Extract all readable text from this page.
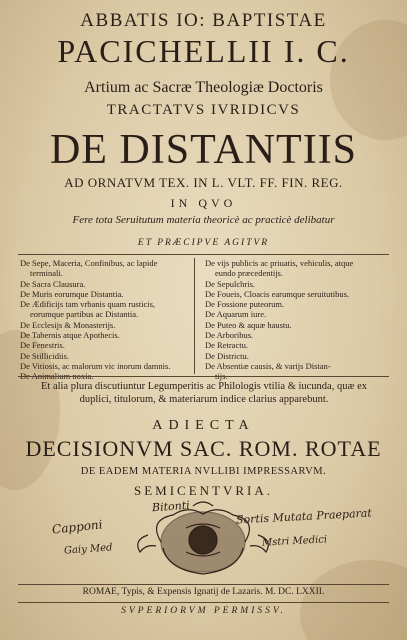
ABBATIS IO: BAPTISTAE
PACICHELLII I. C.
Artium ac Sacræ Theologiæ Doctoris
TRACTATVS IVRIDICVS
DE DISTANTIIS
AD ORNATVM TEX. IN L. VLT. FF. FIN. REG.
IN QVO
Fere tota Seruitutum materia theoricè ac practicè delibatur
ET PRÆCIPVE AGITVR

De Sepe, Maceria, Confinibus, ac lapide

terminali.

De Sacra Clausura.

De Muris eorumque Distantia.

De Ædificijs tam vrbanis quam rusticis,

eorumque partibus ac Distantia.

De Ecclesijs & Monasterijs.

De Tabernis atque Apothecis.

De Fenestris.

De Stillicidiis.

De Vitiosis, ac malorum vic inorum damnis.

De Animalium noxia.

De vijs publicis ac priuatis, vehiculis, atque

eundo præcedentijs.

De Sepulchris.

De Foueis, Cloacis earumque seruitutibus.

De Fossione puteorum.

De Aquarum iure.

De Puteo & aquæ haustu.

De Arboribus.

De Retractu.

De Districtu.

De Absentiæ causis, & varijs Distan-

tijs.

Et alia plura discutiuntur Legumperitis ac Philologis vtilia & iucunda, quæ ex duplici, titulorum, & materiarum indice clarius apparebunt.
ADIECTA
DECISIONVM SAC. ROM. ROTAE
DE EADEM MATERIA NVLLIBI IMPRESSARVM.
SEMICENTVRIA.
Bitonti
Capponi
Sortis Mutata Praeparat
Gaiy Med
Mstri Medici
ROMAE, Typis, & Expensis Ignatij de Lazaris. M. DC. LXXII.
SVPERIORVM PERMISSV.
